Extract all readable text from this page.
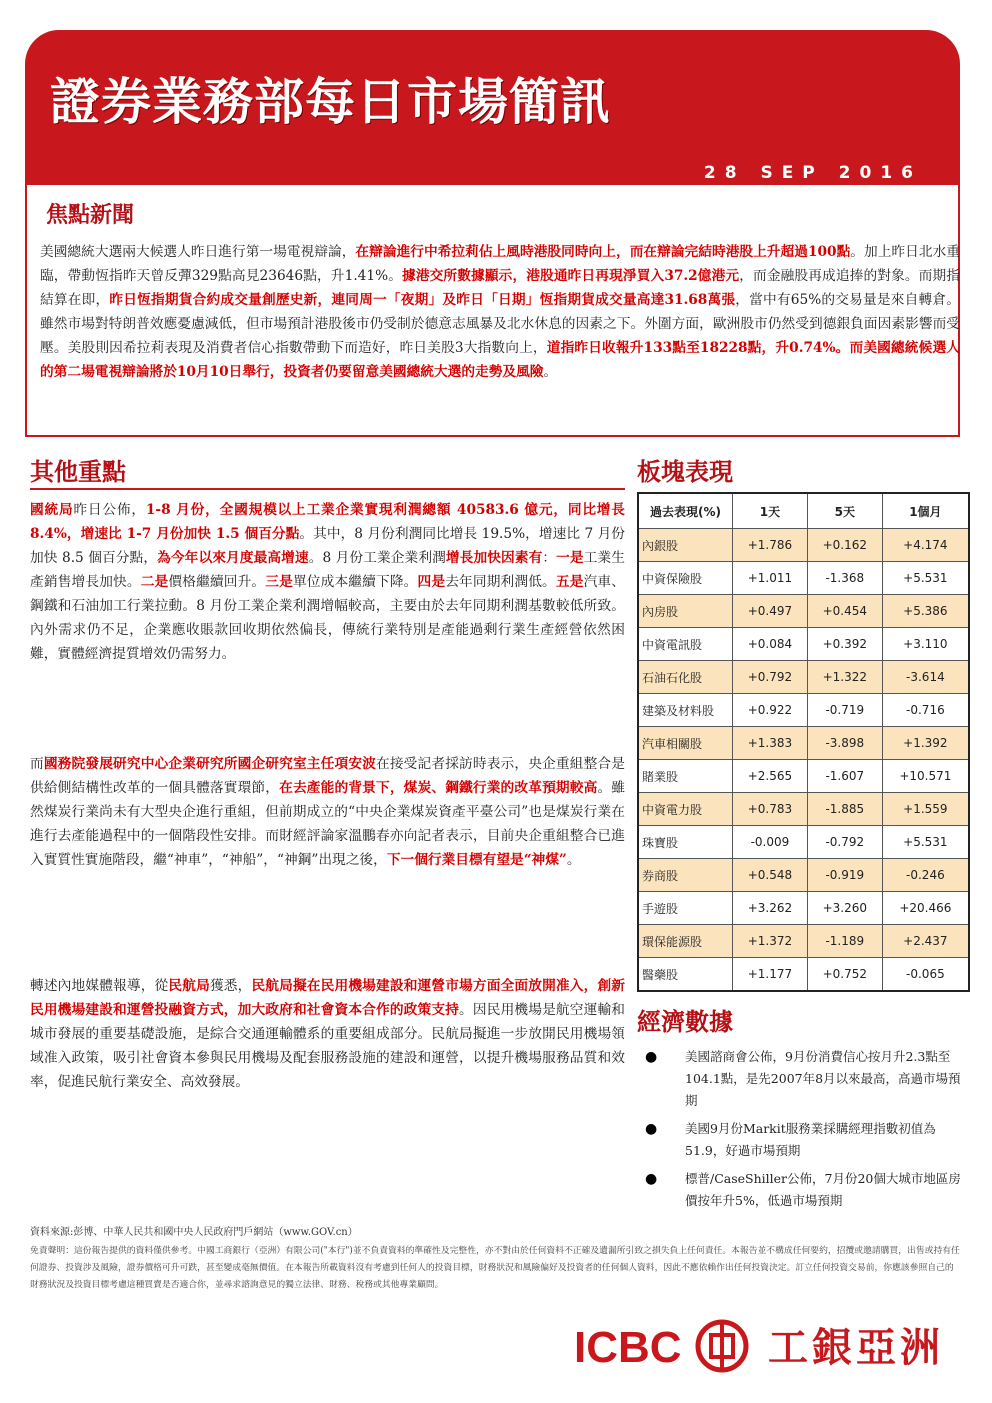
證券業務部每日市場簡訊
28 SEP 2016
焦點新聞
美國總統大選兩大候選人昨日進行第一場電視辯論，在辯論進行中希拉莉佔上風時港股同時向上，而在辯論完結時港股上升超過100點。加上昨日北水重臨，帶動恆指昨天曾反彈329點高見23646點，升1.41%。據港交所數據顯示，港股通昨日再現淨買入37.2億港元，而金融股再成追捧的對象。而期指結算在即，昨日恆指期貨合約成交量創歷史新，連同周一「夜期」及昨日「日期」恆指期貨成交量高達31.68萬張，當中有65%的交易量是來自轉倉。雖然市場對特朗普效應憂慮減低，但市場預計港股後市仍受制於德意志風暴及北水休息的因素之下。外圍方面，歐洲股市仍然受到德銀負面因素影響而受壓。美股則因希拉莉表現及消費者信心指數帶動下而造好，昨日美股3大指數向上，道指昨日收報升133點至18228點，升0.74%。而美國總統候選人的第二場電視辯論將於10月10日舉行，投資者仍要留意美國總統大選的走勢及風險。
其他重點
國統局昨日公佈，1-8 月份，全國規模以上工業企業實現利潤總額 40583.6 億元，同比增長 8.4%，增速比 1-7 月份加快 1.5 個百分點。其中，8 月份利潤同比增長 19.5%，增速比 7 月份加快 8.5 個百分點，為今年以來月度最高增速。8 月份工業企業利潤增長加快因素有：一是工業生產銷售增長加快。二是價格繼續回升。三是單位成本繼續下降。四是去年同期利潤低。五是汽車、鋼鐵和石油加工行業拉動。8 月份工業企業利潤增幅較高，主要由於去年同期利潤基數較低所致。內外需求仍不足，企業應收賬款回收期依然偏長，傳統行業特別是產能過剩行業生產經營依然困難，實體經濟提質增效仍需努力。
而國務院發展研究中心企業研究所國企研究室主任項安波在接受記者採訪時表示，央企重組整合是供給側結構性改革的一個具體落實環節，在去產能的背景下，煤炭、鋼鐵行業的改革預期較高。雖然煤炭行業尚未有大型央企進行重組，但前期成立的“中央企業煤炭資產平臺公司”也是煤炭行業在進行去產能過程中的一個階段性安排。而財經評論家溫鵬春亦向記者表示，目前央企重組整合已進入實質性實施階段，繼“神車”，“神船”，“神鋼”出現之後，下一個行業目標有望是“神煤”。
轉述內地媒體報導，從民航局獲悉，民航局擬在民用機場建設和運營市場方面全面放開准入，創新民用機場建設和運營投融資方式，加大政府和社會資本合作的政策支持。因民用機場是航空運輸和城市發展的重要基礎設施，是綜合交通運輸體系的重要組成部分。民航局擬進一步放開民用機場領域准入政策，吸引社會資本參與民用機場及配套服務設施的建設和運營，以提升機場服務品質和效率，促進民航行業安全、高效發展。
板塊表現
過去表現(%)	1天	5天	1個月
內銀股	+1.786	+0.162	+4.174
中資保險股	+1.011	-1.368	+5.531
內房股	+0.497	+0.454	+5.386
中資電訊股	+0.084	+0.392	+3.110
石油石化股	+0.792	+1.322	-3.614
建築及材料股	+0.922	-0.719	-0.716
汽車相關股	+1.383	-3.898	+1.392
賭業股	+2.565	-1.607	+10.571
中資電力股	+0.783	-1.885	+1.559
珠寶股	-0.009	-0.792	+5.531
券商股	+0.548	-0.919	-0.246
手遊股	+3.262	+3.260	+20.466
環保能源股	+1.372	-1.189	+2.437
醫藥股	+1.177	+0.752	-0.065
經濟數據
● 美國諮商會公佈，9月份消費信心按月升2.3點至104.1點，是先2007年8月以來最高，高過市場預期
● 美國9月份Markit服務業採購經理指數初值為51.9，好過市場預期
● 標普/CaseShiller公佈，7月份20個大城市地區房價按年升5%，低過市場預期
資料來源:彭博、中華人民共和國中央人民政府門戶網站（www.GOV.cn）
免責聲明：這份報告提供的資料僅供參考。中國工商銀行（亞洲）有限公司("本行")並不負責資料的準確性及完整性，亦不對由於任何資料不正確及遺漏所引致之損失負上任何責任。本報告並不構成任何要約，招攬或邀請購買，出售或持有任何證券、投資涉及風險，證券價格可升可跌，甚至變成毫無價值。在本報告所載資料沒有考慮到任何人的投資目標，財務狀況和風險偏好及投資者的任何個人資料，因此不應依賴作出任何投資決定。訂立任何投資交易前，你應該參照自己的財務狀況及投資目標考慮這種買賣是否適合你，並尋求諮詢意見的獨立法律、財務、稅務或其他專業顧問。
ICBC 工銀亞洲
